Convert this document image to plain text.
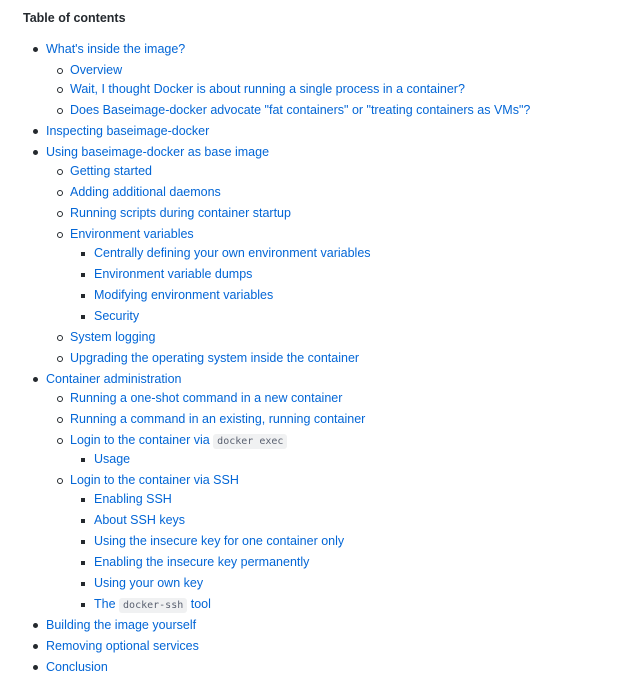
Table of contents
What's inside the image?
Overview
Wait, I thought Docker is about running a single process in a container?
Does Baseimage-docker advocate "fat containers" or "treating containers as VMs"?
Inspecting baseimage-docker
Using baseimage-docker as base image
Getting started
Adding additional daemons
Running scripts during container startup
Environment variables
Centrally defining your own environment variables
Environment variable dumps
Modifying environment variables
Security
System logging
Upgrading the operating system inside the container
Container administration
Running a one-shot command in a new container
Running a command in an existing, running container
Login to the container via docker exec
Usage
Login to the container via SSH
Enabling SSH
About SSH keys
Using the insecure key for one container only
Enabling the insecure key permanently
Using your own key
The docker-ssh tool
Building the image yourself
Removing optional services
Conclusion
